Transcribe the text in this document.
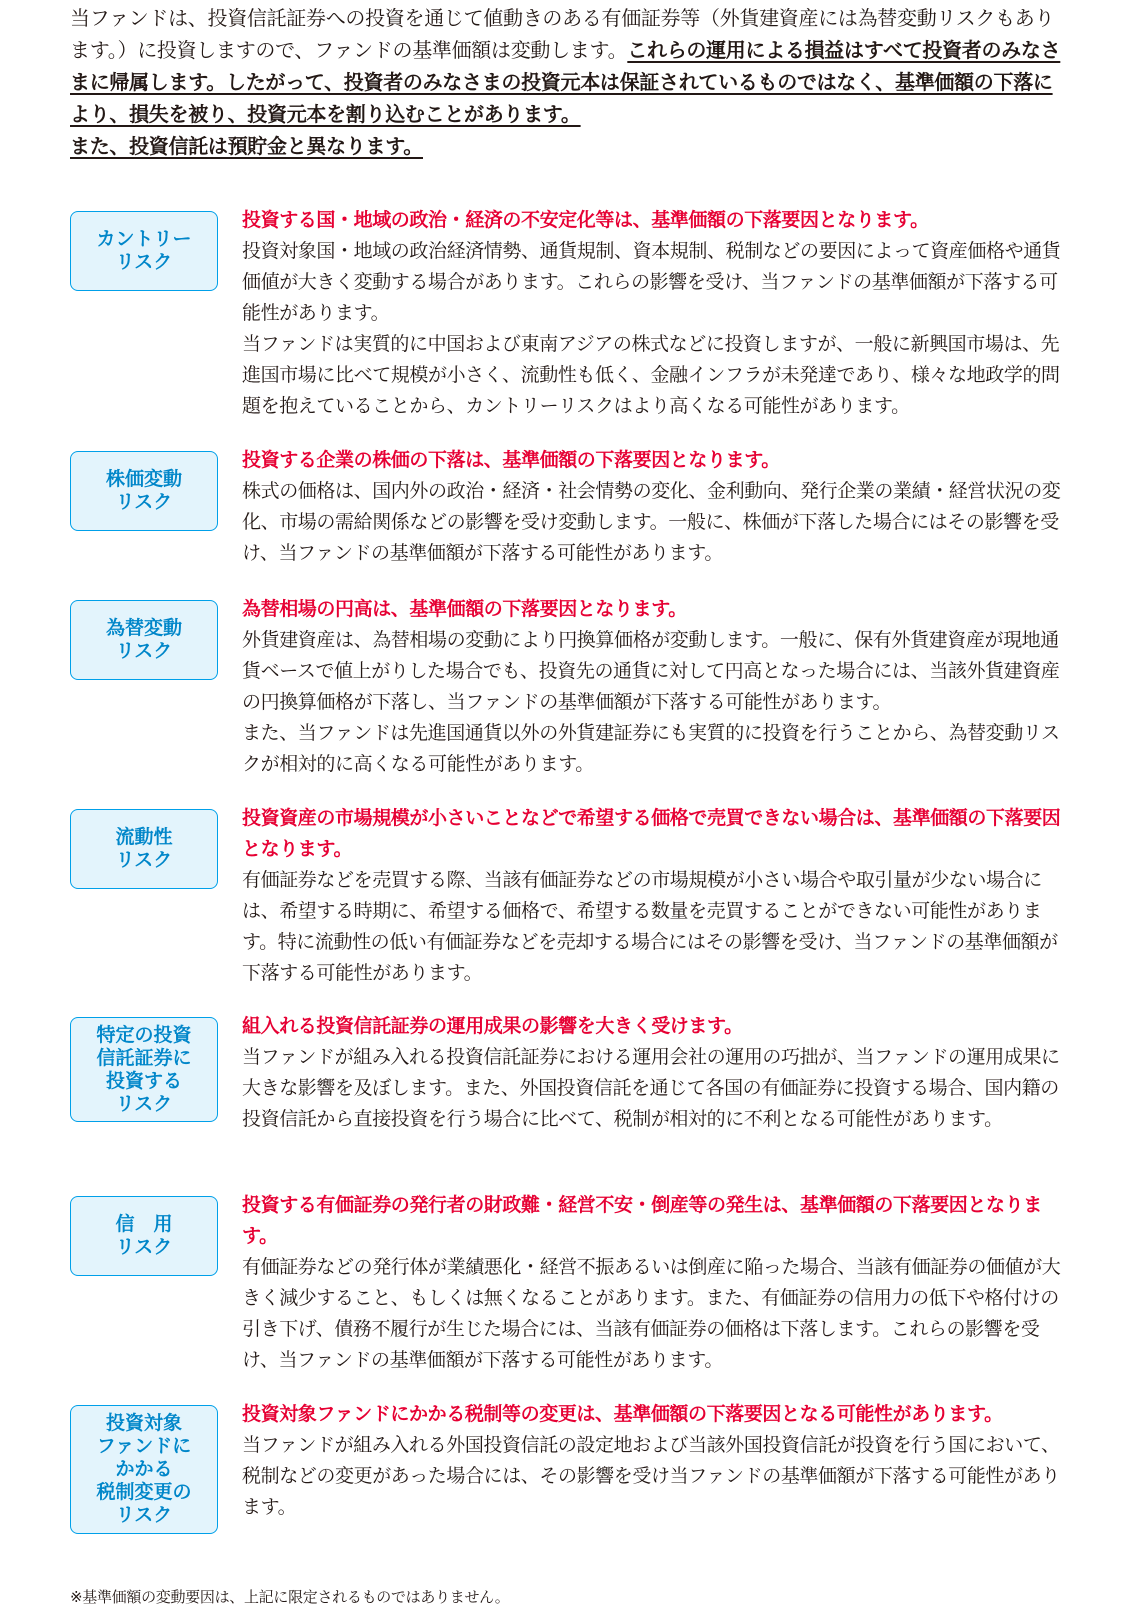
当ファンドは、投資信託証券への投資を通じて値動きのある有価証券等（外貨建資産には為替変動リスクもあります。）に投資しますので、ファンドの基準価額は変動します。これらの運用による損益はすべて投資者のみなさまに帰属します。したがって、投資者のみなさまの投資元本は保証されているものではなく、基準価額の下落により、損失を被り、投資元本を割り込むことがあります。

また、投資信託は預貯金と異なります。

カントリー
リスク

投資する国・地域の政治・経済の不安定化等は、基準価額の下落要因となります。

投資対象国・地域の政治経済情勢、通貨規制、資本規制、税制などの要因によって資産価格や通貨価値が大きく変動する場合があります。これらの影響を受け、当ファンドの基準価額が下落する可能性があります。

当ファンドは実質的に中国および東南アジアの株式などに投資しますが、一般に新興国市場は、先進国市場に比べて規模が小さく、流動性も低く、金融インフラが未発達であり、様々な地政学的問題を抱えていることから、カントリーリスクはより高くなる可能性があります。

株価変動
リスク

投資する企業の株価の下落は、基準価額の下落要因となります。

株式の価格は、国内外の政治・経済・社会情勢の変化、金利動向、発行企業の業績・経営状況の変化、市場の需給関係などの影響を受け変動します。一般に、株価が下落した場合にはその影響を受け、当ファンドの基準価額が下落する可能性があります。

為替変動
リスク

為替相場の円高は、基準価額の下落要因となります。

外貨建資産は、為替相場の変動により円換算価格が変動します。一般に、保有外貨建資産が現地通貨ベースで値上がりした場合でも、投資先の通貨に対して円高となった場合には、当該外貨建資産の円換算価格が下落し、当ファンドの基準価額が下落する可能性があります。

また、当ファンドは先進国通貨以外の外貨建証券にも実質的に投資を行うことから、為替変動リスクが相対的に高くなる可能性があります。

流動性
リスク

投資資産の市場規模が小さいことなどで希望する価格で売買できない場合は、基準価額の下落要因となります。

有価証券などを売買する際、当該有価証券などの市場規模が小さい場合や取引量が少ない場合には、希望する時期に、希望する価格で、希望する数量を売買することができない可能性があります。特に流動性の低い有価証券などを売却する場合にはその影響を受け、当ファンドの基準価額が下落する可能性があります。

特定の投資
信託証券に
投資する
リスク

組入れる投資信託証券の運用成果の影響を大きく受けます。

当ファンドが組み入れる投資信託証券における運用会社の運用の巧拙が、当ファンドの運用成果に大きな影響を及ぼします。また、外国投資信託を通じて各国の有価証券に投資する場合、国内籍の投資信託から直接投資を行う場合に比べて、税制が相対的に不利となる可能性があります。

信　用
リスク

投資する有価証券の発行者の財政難・経営不安・倒産等の発生は、基準価額の下落要因となります。

有価証券などの発行体が業績悪化・経営不振あるいは倒産に陥った場合、当該有価証券の価値が大きく減少すること、もしくは無くなることがあります。また、有価証券の信用力の低下や格付けの引き下げ、債務不履行が生じた場合には、当該有価証券の価格は下落します。これらの影響を受け、当ファンドの基準価額が下落する可能性があります。

投資対象
ファンドに
かかる
税制変更の
リスク

投資対象ファンドにかかる税制等の変更は、基準価額の下落要因となる可能性があります。

当ファンドが組み入れる外国投資信託の設定地および当該外国投資信託が投資を行う国において、税制などの変更があった場合には、その影響を受け当ファンドの基準価額が下落する可能性があります。

※基準価額の変動要因は、上記に限定されるものではありません。
